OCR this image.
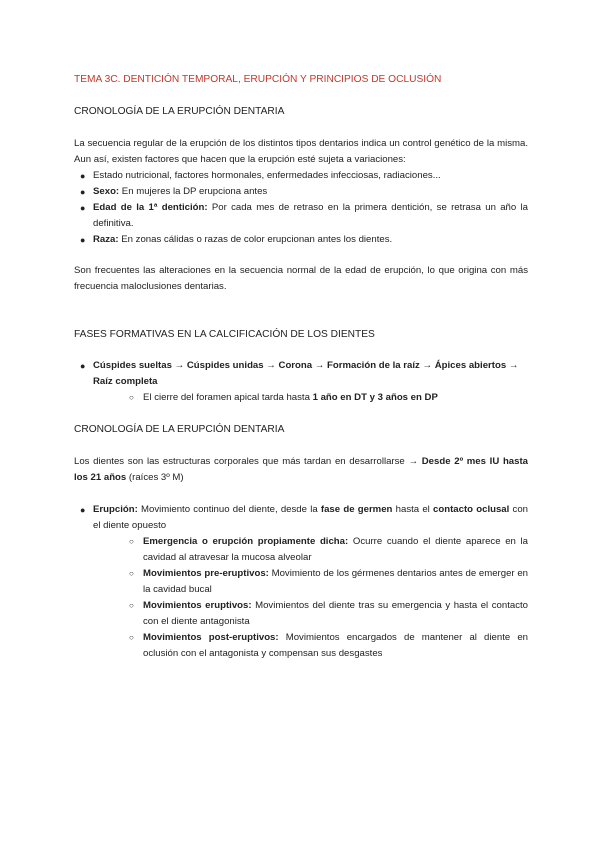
TEMA 3C. DENTICIÓN TEMPORAL, ERUPCIÓN Y PRINCIPIOS DE OCLUSIÓN
CRONOLOGÍA DE LA ERUPCIÓN DENTARIA

La secuencia regular de la erupción de los distintos tipos dentarios indica un control genético de la misma. Aun así, existen factores que hacen que la erupción esté sujeta a variaciones:

● Estado nutricional, factores hormonales, enfermedades infecciosas, radiaciones...
● Sexo: En mujeres la DP erupciona antes
● Edad de la 1ª dentición: Por cada mes de retraso en la primera dentición, se retrasa un año la definitiva.
● Raza: En zonas cálidas o razas de color erupcionan antes los dientes.

Son frecuentes las alteraciones en la secuencia normal de la edad de erupción, lo que origina con más frecuencia maloclusiones dentarias.

FASES FORMATIVAS EN LA CALCIFICACIÓN DE LOS DIENTES
● Cúspides sueltas → Cúspides unidas → Corona → Formación de la raíz → Ápices abiertos → Raíz completa
○ El cierre del foramen apical tarda hasta 1 año en DT y 3 años en DP
CRONOLOGÍA DE LA ERUPCIÓN DENTARIA

Los dientes son las estructuras corporales que más tardan en desarrollarse → Desde 2º mes IU hasta los 21 años (raíces 3º M)

● Erupción: Movimiento continuo del diente, desde la fase de germen hasta el contacto oclusal con el diente opuesto
○ Emergencia o erupción propiamente dicha: Ocurre cuando el diente aparece en la cavidad al atravesar la mucosa alveolar
○ Movimientos pre-eruptivos: Movimiento de los gérmenes dentarios antes de emerger en la cavidad bucal
○ Movimientos eruptivos: Movimientos del diente tras su emergencia y hasta el contacto con el diente antagonista
○ Movimientos post-eruptivos: Movimientos encargados de mantener al diente en oclusión con el antagonista y compensan sus desgastes
